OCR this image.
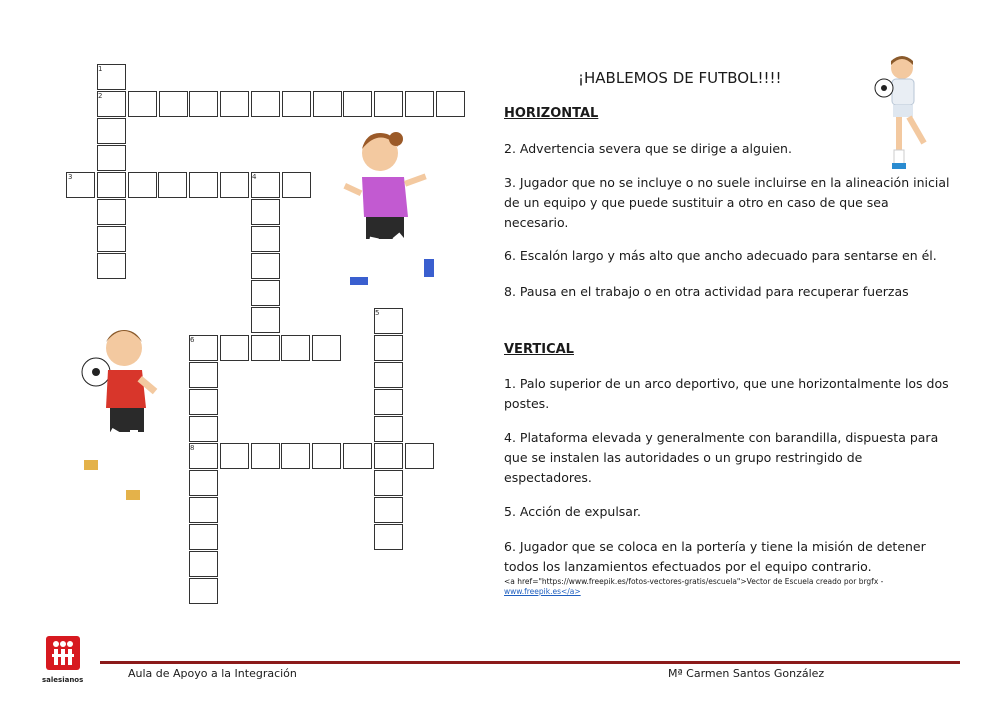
1
2
3	4
5
6
8
¡HABLEMOS DE FUTBOL!!!!
HORIZONTAL
2. Advertencia severa que se dirige a alguien.
3. Jugador que no se incluye o no suele incluirse en la alineación inicial de un equipo y que puede sustituir a otro en caso de que sea necesario.
6. Escalón largo y más alto que ancho adecuado para sentarse en él.
8. Pausa en el trabajo o en otra actividad para recuperar fuerzas
VERTICAL
1. Palo superior de un arco deportivo, que une horizontalmente los dos postes.
4. Plataforma elevada y generalmente con barandilla, dispuesta para que se instalen las autoridades o un grupo restringido de espectadores.
5. Acción de expulsar.
6. Jugador que se coloca en la portería y tiene la misión de detener todos los lanzamientos efectuados por el equipo contrario.
<a href="https://www.freepik.es/fotos-vectores-gratis/escuela">Vector de Escuela creado por brgfx -
www.freepik.es</a>
Aula de Apoyo a la Integración	Mª Carmen Santos González
salesianos
